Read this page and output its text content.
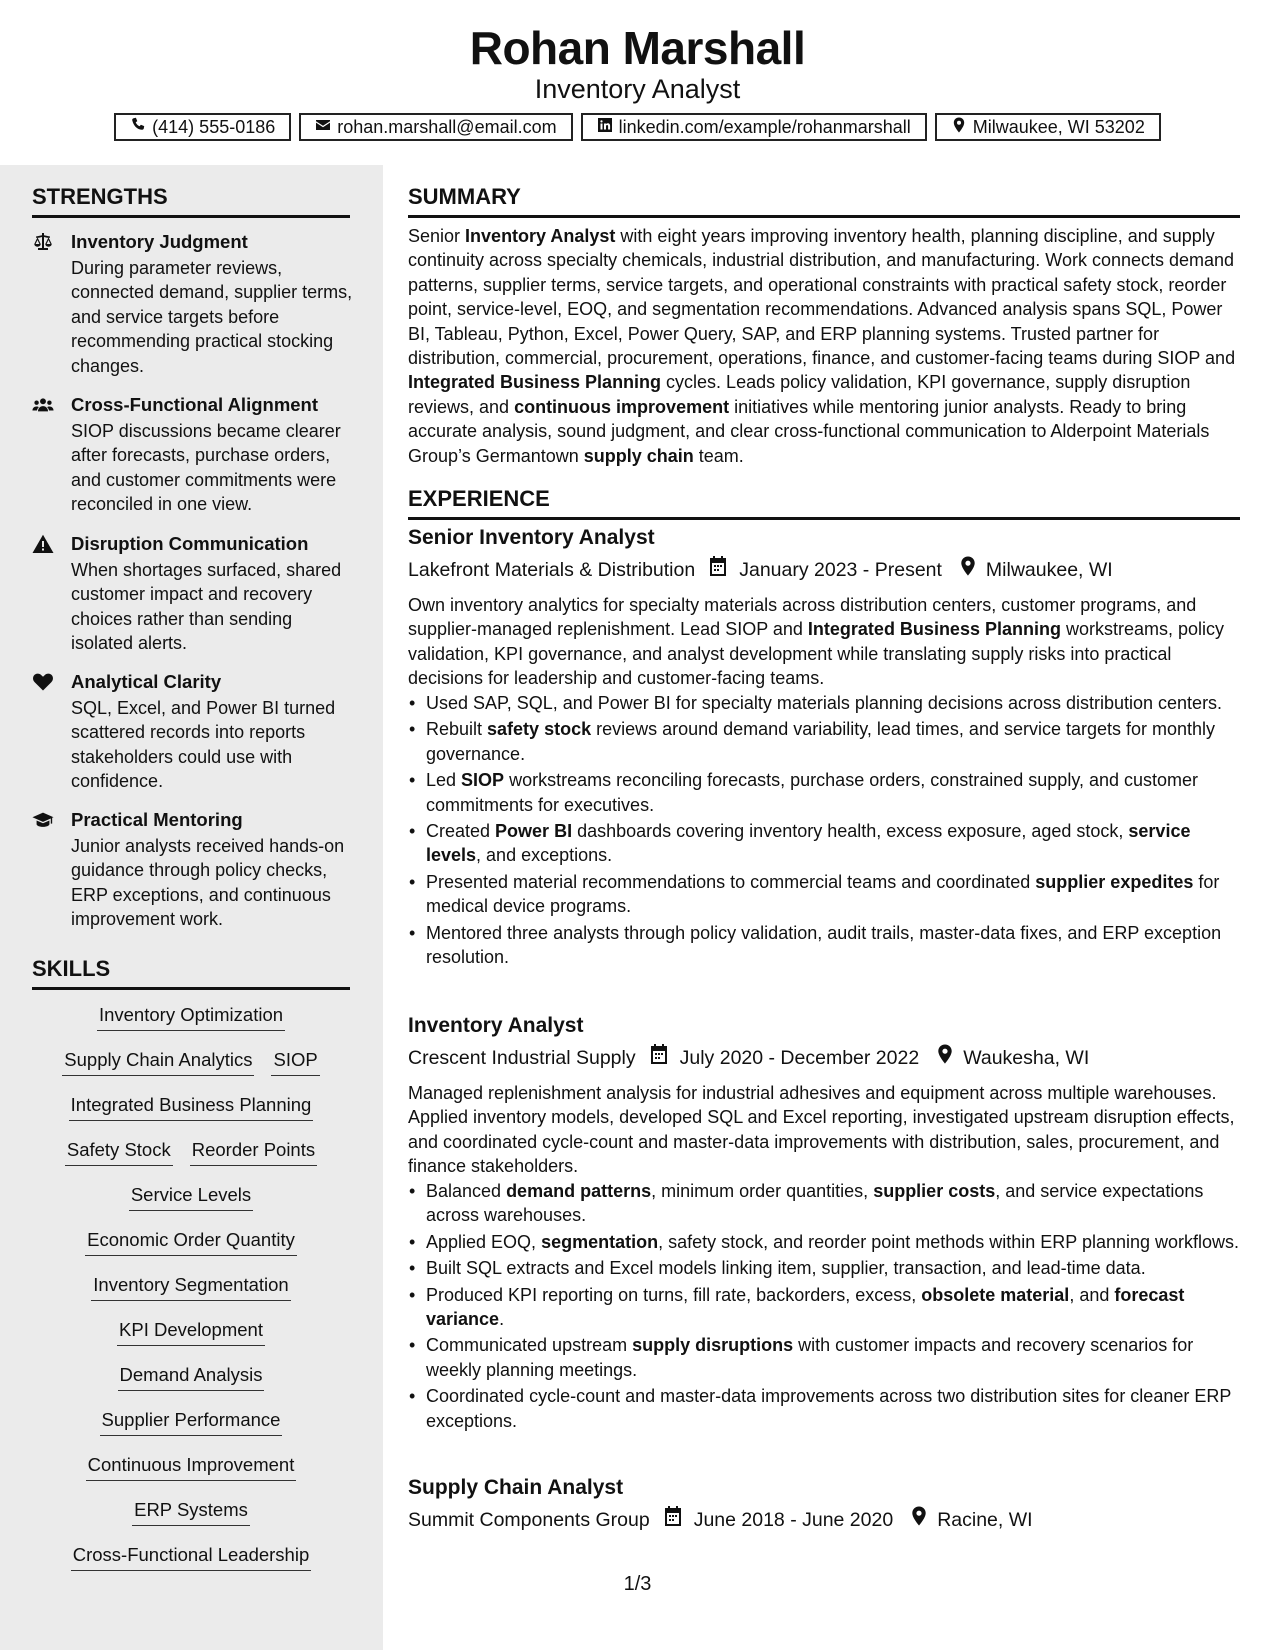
Rohan Marshall
Inventory Analyst
(414) 555-0186	rohan.marshall@email.com	linkedin.com/example/rohanmarshall	Milwaukee, WI 53202
STRENGTHS
Inventory Judgment
During parameter reviews, connected demand, supplier terms, and service targets before recommending practical stocking changes.
Cross-Functional Alignment
SIOP discussions became clearer after forecasts, purchase orders, and customer commitments were reconciled in one view.
Disruption Communication
When shortages surfaced, shared customer impact and recovery choices rather than sending isolated alerts.
Analytical Clarity
SQL, Excel, and Power BI turned scattered records into reports stakeholders could use with confidence.
Practical Mentoring
Junior analysts received hands-on guidance through policy checks, ERP exceptions, and continuous improvement work.
SKILLS
Inventory Optimization
Supply Chain Analytics SIOP
Integrated Business Planning
Safety Stock Reorder Points
Service Levels
Economic Order Quantity
Inventory Segmentation
KPI Development
Demand Analysis
Supplier Performance
Continuous Improvement
ERP Systems
Cross-Functional Leadership
SUMMARY
Senior Inventory Analyst with eight years improving inventory health, planning discipline, and supply continuity across specialty chemicals, industrial distribution, and manufacturing. Work connects demand patterns, supplier terms, service targets, and operational constraints with practical safety stock, reorder point, service-level, EOQ, and segmentation recommendations. Advanced analysis spans SQL, Power BI, Tableau, Python, Excel, Power Query, SAP, and ERP planning systems. Trusted partner for distribution, commercial, procurement, operations, finance, and customer-facing teams during SIOP and Integrated Business Planning cycles. Leads policy validation, KPI governance, supply disruption reviews, and continuous improvement initiatives while mentoring junior analysts. Ready to bring accurate analysis, sound judgment, and clear cross-functional communication to Alderpoint Materials Group’s Germantown supply chain team.
EXPERIENCE
Senior Inventory Analyst
Lakefront Materials & Distribution January 2023 - Present Milwaukee, WI
Own inventory analytics for specialty materials across distribution centers, customer programs, and supplier-managed replenishment. Lead SIOP and Integrated Business Planning workstreams, policy validation, KPI governance, and analyst development while translating supply risks into practical decisions for leadership and customer-facing teams.
• Used SAP, SQL, and Power BI for specialty materials planning decisions across distribution centers.
• Rebuilt safety stock reviews around demand variability, lead times, and service targets for monthly governance.
• Led SIOP workstreams reconciling forecasts, purchase orders, constrained supply, and customer commitments for executives.
• Created Power BI dashboards covering inventory health, excess exposure, aged stock, service levels, and exceptions.
• Presented material recommendations to commercial teams and coordinated supplier expedites for medical device programs.
• Mentored three analysts through policy validation, audit trails, master-data fixes, and ERP exception resolution.
Inventory Analyst
Crescent Industrial Supply July 2020 - December 2022 Waukesha, WI
Managed replenishment analysis for industrial adhesives and equipment across multiple warehouses. Applied inventory models, developed SQL and Excel reporting, investigated upstream disruption effects, and coordinated cycle-count and master-data improvements with distribution, sales, procurement, and finance stakeholders.
• Balanced demand patterns, minimum order quantities, supplier costs, and service expectations across warehouses.
• Applied EOQ, segmentation, safety stock, and reorder point methods within ERP planning workflows.
• Built SQL extracts and Excel models linking item, supplier, transaction, and lead-time data.
• Produced KPI reporting on turns, fill rate, backorders, excess, obsolete material, and forecast variance.
• Communicated upstream supply disruptions with customer impacts and recovery scenarios for weekly planning meetings.
• Coordinated cycle-count and master-data improvements across two distribution sites for cleaner ERP exceptions.
Supply Chain Analyst
Summit Components Group June 2018 - June 2020 Racine, WI
1/3
